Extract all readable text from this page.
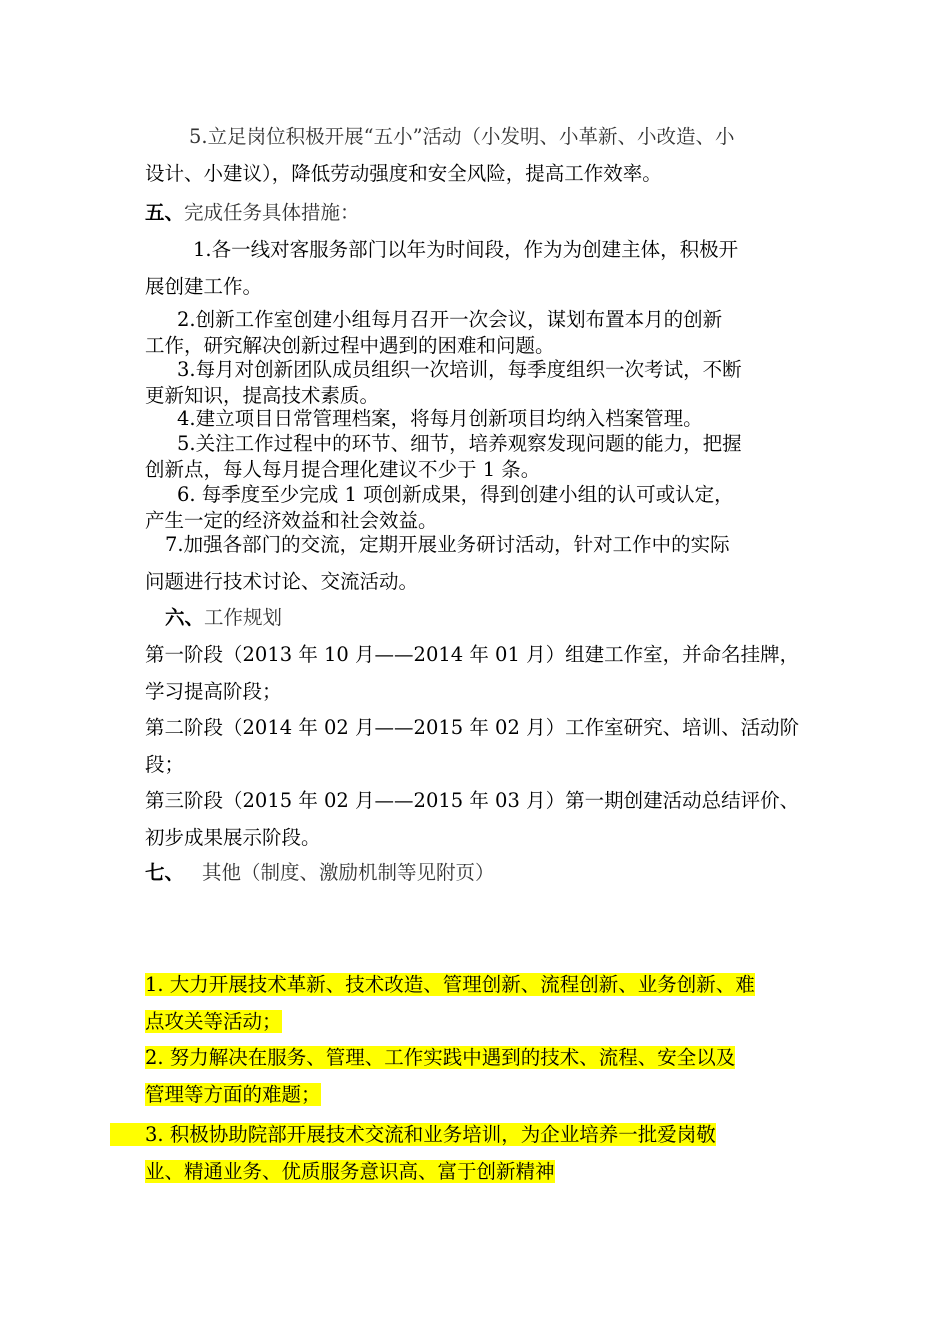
5.立足岗位积极开展“五小”活动（小发明、小革新、小改造、小
设计、小建议），降低劳动强度和安全风险，提高工作效率。
五、完成任务具体措施：
1.各一线对客服务部门以年为时间段，作为为创建主体，积极开
展创建工作。
2.创新工作室创建小组每月召开一次会议，谋划布置本月的创新
工作，研究解决创新过程中遇到的困难和问题。
3.每月对创新团队成员组织一次培训，每季度组织一次考试，不断
更新知识，提高技术素质。
4.建立项目日常管理档案，将每月创新项目均纳入档案管理。
5.关注工作过程中的环节、细节，培养观察发现问题的能力，把握
创新点，每人每月提合理化建议不少于 1 条。
6. 每季度至少完成 1 项创新成果，得到创建小组的认可或认定，
产生一定的经济效益和社会效益。
7.加强各部门的交流，定期开展业务研讨活动，针对工作中的实际
问题进行技术讨论、交流活动。
六、工作规划
第一阶段（2013 年 10 月——2014 年 01 月）组建工作室，并命名挂牌，
学习提高阶段；
第二阶段（2014 年 02 月——2015 年 02 月）工作室研究、培训、活动阶
段；
第三阶段（2015 年 02 月——2015 年 03 月）第一期创建活动总结评价、
初步成果展示阶段。
七、 其他（制度、激励机制等见附页）
1. 大力开展技术革新、技术改造、管理创新、流程创新、业务创新、难
点攻关等活动；
2. 努力解决在服务、管理、工作实践中遇到的技术、流程、安全以及
管理等方面的难题；
3. 积极协助院部开展技术交流和业务培训，为企业培养一批爱岗敬
业、精通业务、优质服务意识高、富于创新精神
